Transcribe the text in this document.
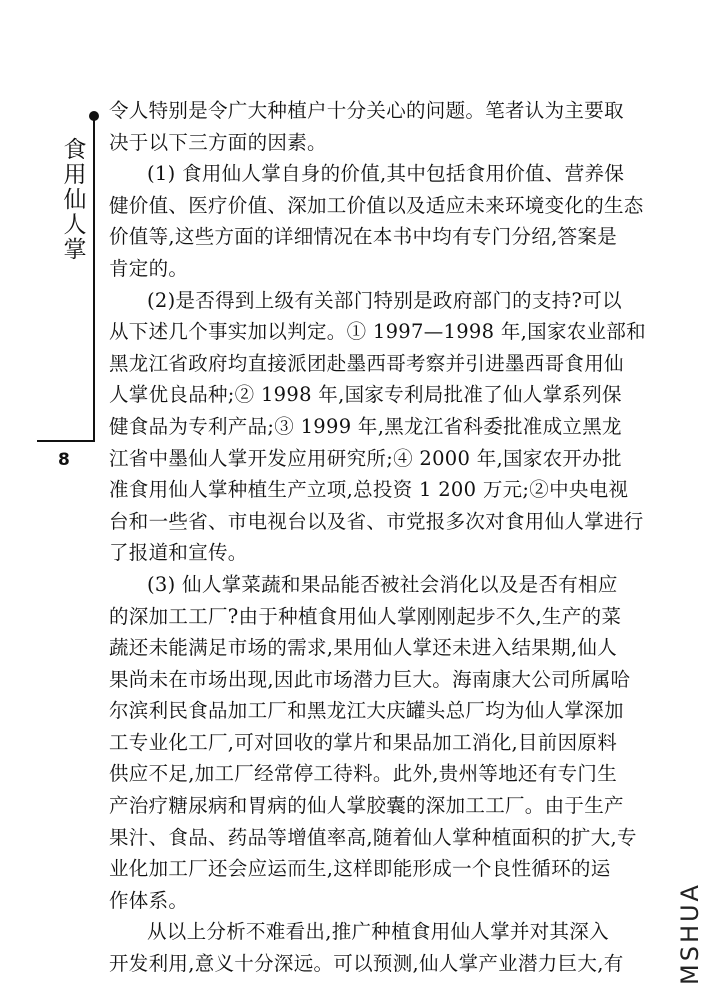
食用仙人掌
8
令人特别是令广大种植户十分关心的问题。笔者认为主要取
决于以下三方面的因素。
(1) 食用仙人掌自身的价值,其中包括食用价值、营养保
健价值、医疗价值、深加工价值以及适应未来环境变化的生态
价值等,这些方面的详细情况在本书中均有专门分绍,答案是
肯定的。
(2)是否得到上级有关部门特别是政府部门的支持?可以
从下述几个事实加以判定。① 1997—1998 年,国家农业部和
黑龙江省政府均直接派团赴墨西哥考察并引进墨西哥食用仙
人掌优良品种;② 1998 年,国家专利局批准了仙人掌系列保
健食品为专利产品;③ 1999 年,黑龙江省科委批准成立黑龙
江省中墨仙人掌开发应用研究所;④ 2000 年,国家农开办批
准食用仙人掌种植生产立项,总投资 1 200 万元;②中央电视
台和一些省、市电视台以及省、市党报多次对食用仙人掌进行
了报道和宣传。
(3) 仙人掌菜蔬和果品能否被社会消化以及是否有相应
的深加工工厂?由于种植食用仙人掌刚刚起步不久,生产的菜
蔬还未能满足市场的需求,果用仙人掌还未进入结果期,仙人
果尚未在市场出现,因此市场潜力巨大。海南康大公司所属哈
尔滨利民食品加工厂和黑龙江大庆罐头总厂均为仙人掌深加
工专业化工厂,可对回收的掌片和果品加工消化,目前因原料
供应不足,加工厂经常停工待料。此外,贵州等地还有专门生
产治疗糖尿病和胃病的仙人掌胶囊的深加工工厂。由于生产
果汁、食品、药品等增值率高,随着仙人掌种植面积的扩大,专
业化加工厂还会应运而生,这样即能形成一个良性循环的运
作体系。
从以上分析不难看出,推广种植食用仙人掌并对其深入
开发利用,意义十分深远。可以预测,仙人掌产业潜力巨大,有 MSHUA
